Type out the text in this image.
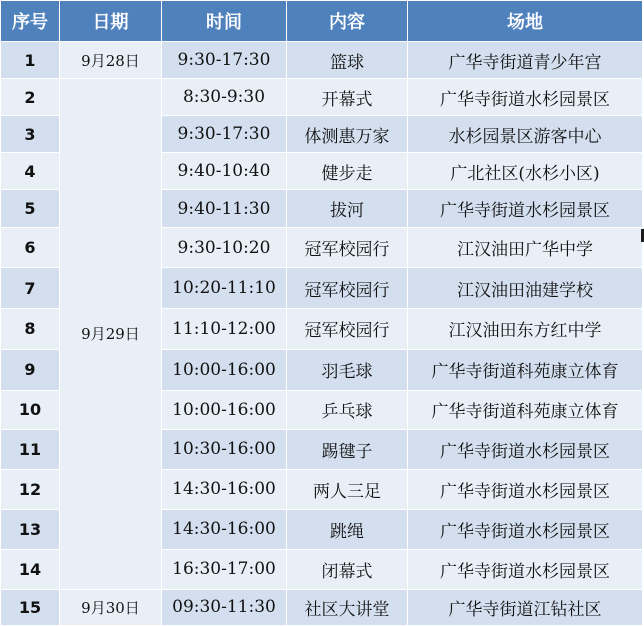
序号	日期	时间	内容	场地
1	9月28日	9:30-17:30	篮球	广华寺街道青少年宫
2	9月29日	8:30-9:30	开幕式	广华寺街道水杉园景区
3		9:30-17:30	体测惠万家	水杉园景区游客中心
4		9:40-10:40	健步走	广北社区(水杉小区)
5		9:40-11:30	拔河	广华寺街道水杉园景区
6		9:30-10:20	冠军校园行	江汉油田广华中学
7		10:20-11:10	冠军校园行	江汉油田油建学校
8		11:10-12:00	冠军校园行	江汉油田东方红中学
9		10:00-16:00	羽毛球	广华寺街道科苑康立体育
10		10:00-16:00	乒乓球	广华寺街道科苑康立体育
11		10:30-16:00	踢毽子	广华寺街道水杉园景区
12		14:30-16:00	两人三足	广华寺街道水杉园景区
13		14:30-16:00	跳绳	广华寺街道水杉园景区
14		16:30-17:00	闭幕式	广华寺街道水杉园景区
15	9月30日	09:30-11:30	社区大讲堂	广华寺街道江钻社区
